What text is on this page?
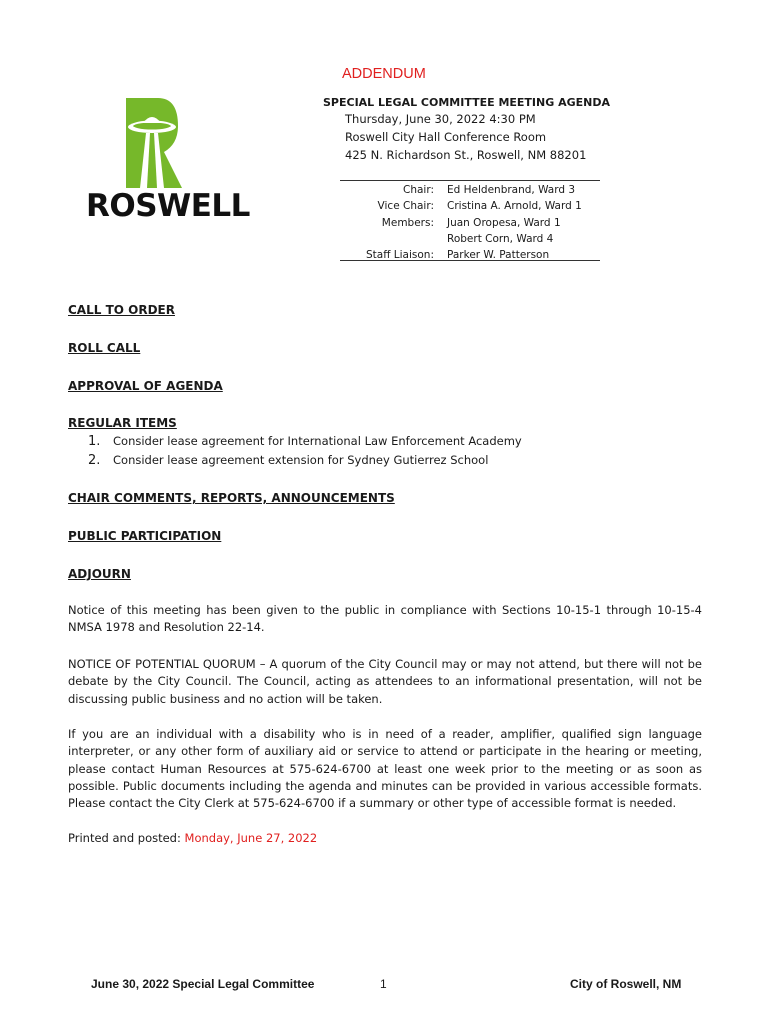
ROSWELL
ADDENDUM
SPECIAL LEGAL COMMITTEE MEETING AGENDA
Thursday, June 30, 2022 4:30 PM
Roswell City Hall Conference Room
425 N. Richardson St., Roswell, NM 88201
Chair:	Ed Heldenbrand, Ward 3
Vice Chair:	Cristina A. Arnold, Ward 1
Members:	Juan Oropesa, Ward 1
Robert Corn, Ward 4
Staff Liaison:	Parker W. Patterson
CALL TO ORDER
ROLL CALL
APPROVAL OF AGENDA
REGULAR ITEMS
1.	Consider lease agreement for International Law Enforcement Academy
2.	Consider lease agreement extension for Sydney Gutierrez School
CHAIR COMMENTS, REPORTS, ANNOUNCEMENTS
PUBLIC PARTICIPATION
ADJOURN
Notice of this meeting has been given to the public in compliance with Sections 10-15-1 through 10-15-4 NMSA 1978 and Resolution 22-14.
NOTICE OF POTENTIAL QUORUM – A quorum of the City Council may or may not attend, but there will not be debate by the City Council. The Council, acting as attendees to an informational presentation, will not be discussing public business and no action will be taken.
If you are an individual with a disability who is in need of a reader, amplifier, qualified sign language interpreter, or any other form of auxiliary aid or service to attend or participate in the hearing or meeting, please contact Human Resources at 575-624-6700 at least one week prior to the meeting or as soon as possible. Public documents including the agenda and minutes can be provided in various accessible formats. Please contact the City Clerk at 575-624-6700 if a summary or other type of accessible format is needed.
Printed and posted: Monday, June 27, 2022
June 30, 2022 Special Legal Committee	1	City of Roswell, NM
